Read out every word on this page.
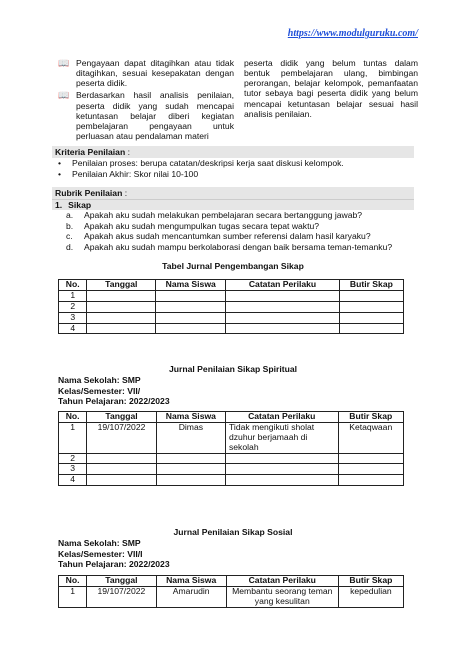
https://www.modulguruku.com/
📖 Pengayaan dapat ditagihkan atau tidak ditagihkan, sesuai kesepakatan dengan peserta didik.
📖 Berdasarkan hasil analisis penilaian, peserta didik yang sudah mencapai ketuntasan belajar diberi kegiatan pembelajaran pengayaan untuk perluasan atau pendalaman materi

peserta didik yang belum tuntas dalam bentuk pembelajaran ulang, bimbingan perorangan, belajar kelompok, pemanfaatan tutor sebaya bagi peserta didik yang belum mencapai ketuntasan belajar sesuai hasil analisis penilaian.

Kriteria Penilaian :
•	Penilaian proses: berupa catatan/deskripsi kerja saat diskusi kelompok.
•	Penilaian Akhir: Skor nilai 10-100
Rubrik Penilaian :
1. Sikap
a.	Apakah aku sudah melakukan pembelajaran secara bertanggung jawab?
b.	Apakah aku sudah mengumpulkan tugas secara tepat waktu?
c.	Apakah akus sudah mencantumkan sumber referensi dalam hasil karyaku?
d.	Apakah aku sudah mampu berkolaborasi dengan baik bersama teman-temanku?
Tabel Jurnal Pengembangan Sikap
No.	Tanggal	Nama Siswa	Catatan Perilaku	Butir Skap
1				
2				
3				
4				
Jurnal Penilaian Sikap Spiritual
Nama Sekolah: SMP
Kelas/Semester: VII/
Tahun Pelajaran: 2022/2023
No.	Tanggal	Nama Siswa	Catatan Perilaku	Butir Skap
1	19/107/2022	Dimas	Tidak mengikuti sholat dzuhur berjamaah di sekolah	Ketaqwaan
2				
3				
4				
Jurnal Penilaian Sikap Sosial
Nama Sekolah: SMP
Kelas/Semester: VII/I
Tahun Pelajaran: 2022/2023
No.	Tanggal	Nama Siswa	Catatan Perilaku	Butir Skap
1	19/107/2022	Amarudin	Membantu seorang teman yang kesulitan	kepedulian
